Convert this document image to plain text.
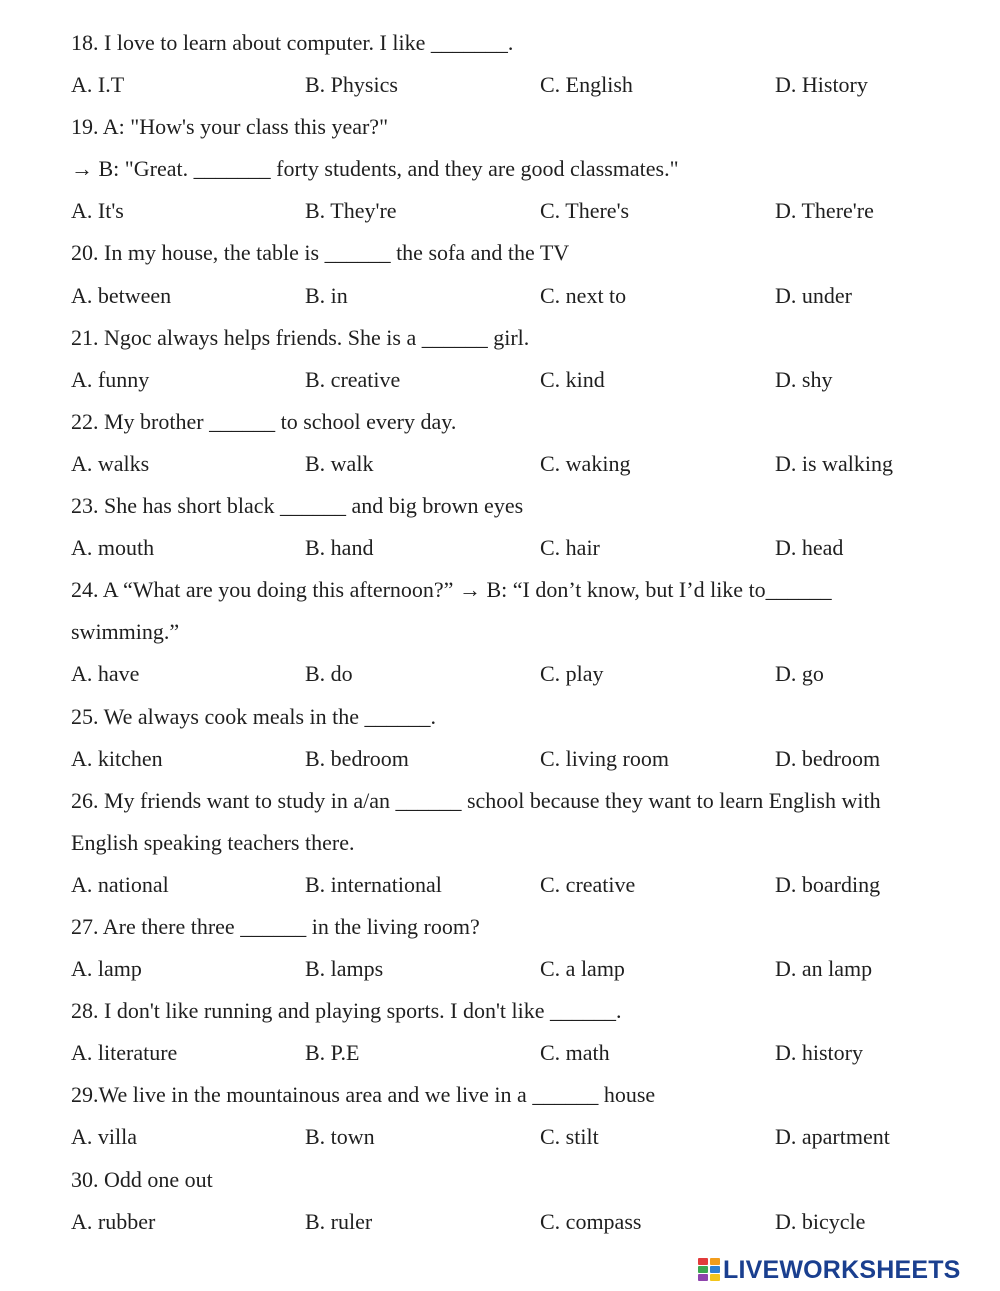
18. I love to learn about computer. I like _______.
A. I.T	B. Physics	C. English	D. History
19. A: "How's your class this year?"
→ B: "Great. _______ forty students, and they are good classmates."
A. It's	B. They're	C. There's	D. There're
20. In my house, the table is ______ the sofa and the TV
A. between	B. in	C. next to	D. under
21. Ngoc always helps friends. She is a ______ girl.
A. funny	B. creative	C. kind	D. shy
22. My brother ______ to school every day.
A. walks	B. walk	C. waking	D. is walking
23. She has short black ______ and big brown eyes
A. mouth	B. hand	C. hair	D. head
24. A “What are you doing this afternoon?” → B: “I don’t know, but I’d like to______
swimming.”
A. have	B. do	C. play	D. go
25. We always cook meals in the ______.
A. kitchen	B. bedroom	C. living room	D. bedroom
26. My friends want to study in a/an ______ school because they want to learn English with
English speaking teachers there.
A. national	B. international	C. creative	D. boarding
27. Are there three ______ in the living room?
A. lamp	B. lamps	C. a lamp	D. an lamp
28. I don't like running and playing sports. I don't like ______.
A. literature	B. P.E	C. math	D. history
29.We live in the mountainous area and we live in a ______ house
A. villa	B. town	C. stilt	D. apartment
30. Odd one out
A. rubber	B. ruler	C. compass	D. bicycle
LIVEWORKSHEETS
